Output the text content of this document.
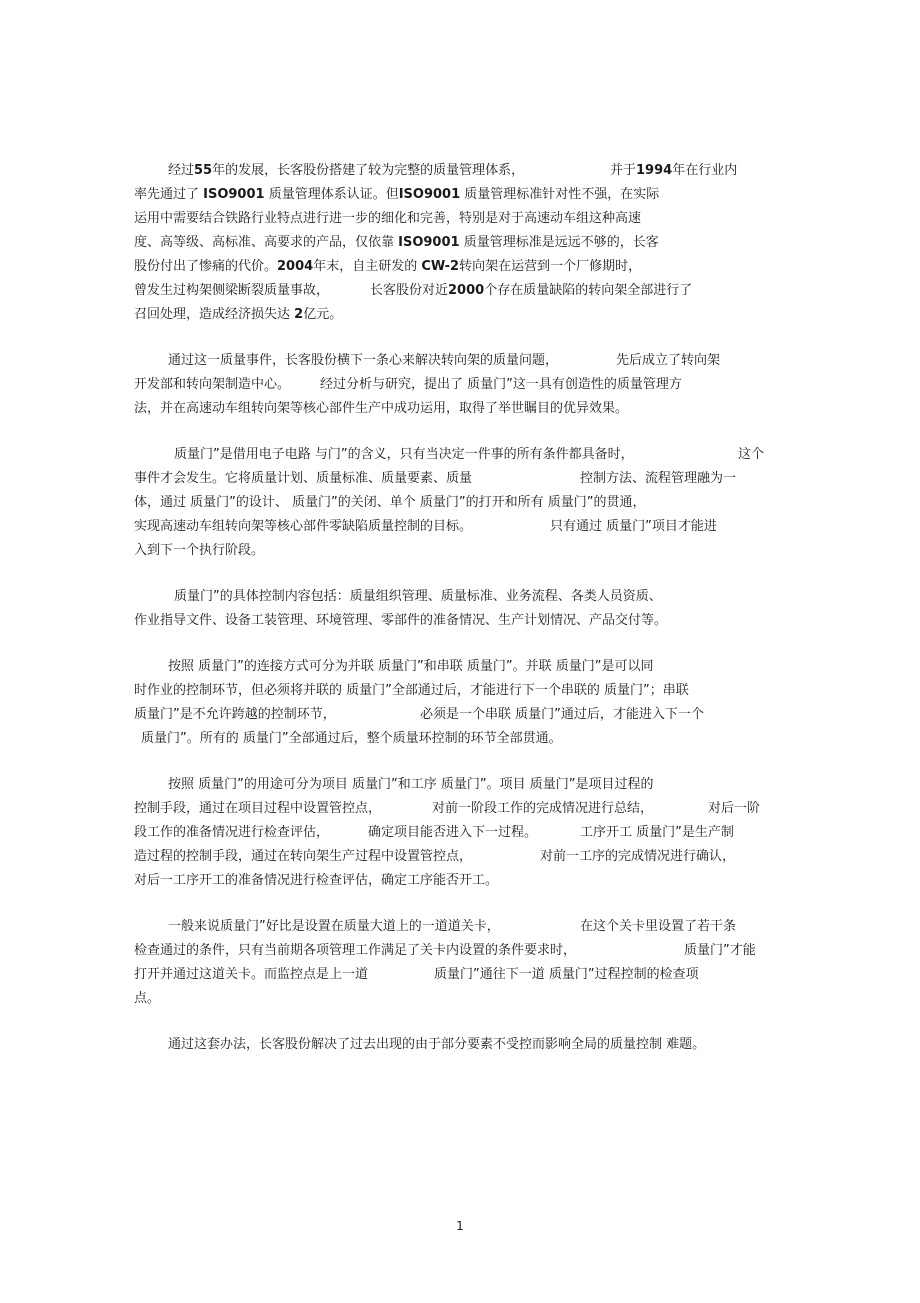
经过55年的发展，长客股份搭建了较为完整的质量管理体系，	并于1994年在行业内
率先通过了 ISO9001 质量管理体系认证。但ISO9001 质量管理标准针对性不强，在实际
运用中需要结合铁路行业特点进行进一步的细化和完善，特别是对于高速动车组这种高速
度、高等级、高标准、高要求的产品，仅依靠 ISO9001 质量管理标准是远远不够的，长客
股份付出了惨痛的代价。2004年末，自主研发的 CW-2转向架在运营到一个厂修期时，
曾发生过构架侧梁断裂质量事故，	长客股份对近2000个存在质量缺陷的转向架全部进行了
召回处理，造成经济损失达 2亿元。
通过这一质量事件，长客股份横下一条心来解决转向架的质量问题，	先后成立了转向架
开发部和转向架制造中心。 经过分析与研究，提出了 质量门”这一具有创造性的质量管理方
法，并在高速动车组转向架等核心部件生产中成功运用，取得了举世瞩目的优异效果。
质量门”是借用电子电路 与门”的含义，只有当决定一件事的所有条件都具备时，	这个
事件才会发生。它将质量计划、质量标准、质量要素、质量	控制方法、流程管理融为一
体，通过 质量门”的设计、 质量门”的关闭、单个 质量门”的打开和所有 质量门”的贯通，
实现高速动车组转向架等核心部件零缺陷质量控制的目标。	只有通过 质量门”项目才能进
入到下一个执行阶段。
质量门”的具体控制内容包括：质量组织管理、质量标准、业务流程、各类人员资质、
作业指导文件、设备工装管理、环境管理、零部件的准备情况、生产计划情况、产品交付等。
按照 质量门”的连接方式可分为并联 质量门”和串联 质量门”。并联 质量门”是可以同
时作业的控制环节，但必须将并联的 质量门”全部通过后，才能进行下一个串联的 质量门”；串联
质量门”是不允许跨越的控制环节，	必须是一个串联 质量门”通过后，才能进入下一个
质量门”。所有的 质量门”全部通过后，整个质量环控制的环节全部贯通。
按照 质量门”的用途可分为项目 质量门”和工序 质量门”。项目 质量门”是项目过程的
控制手段，通过在项目过程中设置管控点，	对前一阶段工作的完成情况进行总结，	对后一阶
段工作的准备情况进行检查评估，	确定项目能否进入下一过程。	工序开工 质量门”是生产制
造过程的控制手段，通过在转向架生产过程中设置管控点，	对前一工序的完成情况进行确认，
对后一工序开工的准备情况进行检查评估，确定工序能否开工。
一般来说质量门”好比是设置在质量大道上的一道道关卡，	在这个关卡里设置了若干条
检查通过的条件，只有当前期各项管理工作满足了关卡内设置的条件要求时，	质量门”才能
打开并通过这道关卡。而监控点是上一道	质量门”通往下一道 质量门”过程控制的检查项
点。
通过这套办法，长客股份解决了过去出现的由于部分要素不受控而影响全局的质量控制 难题。
1
